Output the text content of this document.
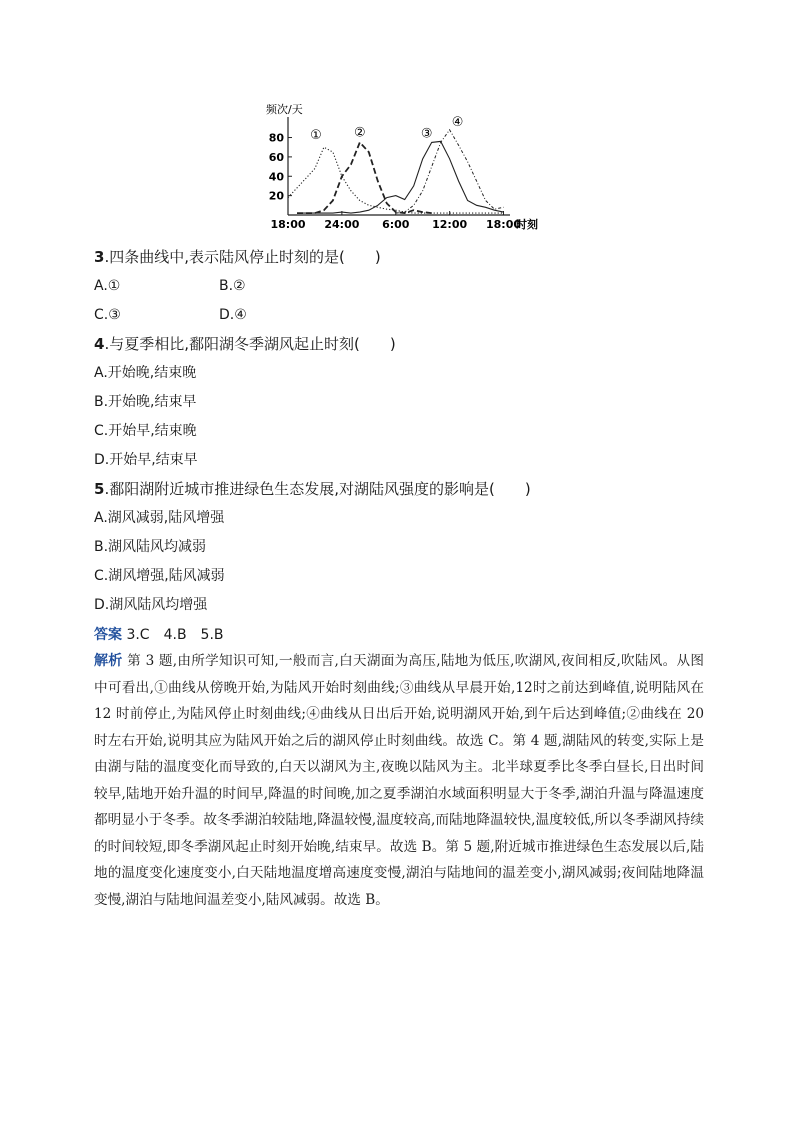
频次/天
时刻
20
40
60
80
18:00 24:00 6:00 12:00 18:00
① ②	③
④
3.四条曲线中,表示陆风停止时刻的是(　　)
A.①	B.②
C.③	D.④
4.与夏季相比,鄱阳湖冬季湖风起止时刻(　　)
A.开始晚,结束晚
B.开始晚,结束早
C.开始早,结束晚
D.开始早,结束早
5.鄱阳湖附近城市推进绿色生态发展,对湖陆风强度的影响是(　　)
A.湖风减弱,陆风增强
B.湖风陆风均减弱
C.湖风增强,陆风减弱
D.湖风陆风均增强
答案 3.C　4.B　5.B
解析 第 3 题,由所学知识可知,一般而言,白天湖面为高压,陆地为低压,吹湖风,夜间相反,吹陆风。从图中可看出,①曲线从傍晚开始,为陆风开始时刻曲线;③曲线从早晨开始,12时之前达到峰值,说明陆风在 12 时前停止,为陆风停止时刻曲线;④曲线从日出后开始,说明湖风开始,到午后达到峰值;②曲线在 20 时左右开始,说明其应为陆风开始之后的湖风停止时刻曲线。故选 C。第 4 题,湖陆风的转变,实际上是由湖与陆的温度变化而导致的,白天以湖风为主,夜晚以陆风为主。北半球夏季比冬季白昼长,日出时间较早,陆地开始升温的时间早,降温的时间晚,加之夏季湖泊水域面积明显大于冬季,湖泊升温与降温速度都明显小于冬季。故冬季湖泊较陆地,降温较慢,温度较高,而陆地降温较快,温度较低,所以冬季湖风持续的时间较短,即冬季湖风起止时刻开始晚,结束早。故选 B。第 5 题,附近城市推进绿色生态发展以后,陆地的温度变化速度变小,白天陆地温度增高速度变慢,湖泊与陆地间的温差变小,湖风减弱;夜间陆地降温变慢,湖泊与陆地间温差变小,陆风减弱。故选 B。
